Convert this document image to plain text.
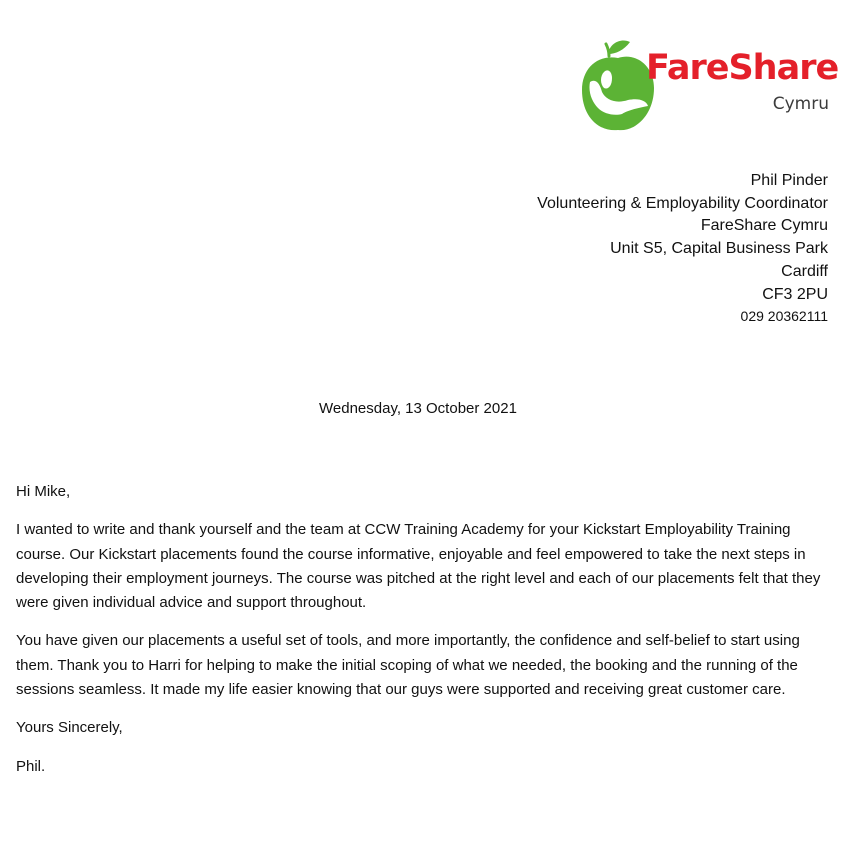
FareShare
Cymru
Phil Pinder
Volunteering & Employability Coordinator
FareShare Cymru
Unit S5, Capital Business Park
Cardiff
CF3 2PU
029 20362111
Wednesday, 13 October 2021

Hi Mike,

I wanted to write and thank yourself and the team at CCW Training Academy for your Kickstart Employability Training course. Our Kickstart placements found the course informative, enjoyable and feel empowered to take the next steps in developing their employment journeys. The course was pitched at the right level and each of our placements felt that they were given individual advice and support throughout.

You have given our placements a useful set of tools, and more importantly, the confidence and self-belief to start using them. Thank you to Harri for helping to make the initial scoping of what we needed, the booking and the running of the sessions seamless. It made my life easier knowing that our guys were supported and receiving great customer care.

Yours Sincerely,

Phil.
